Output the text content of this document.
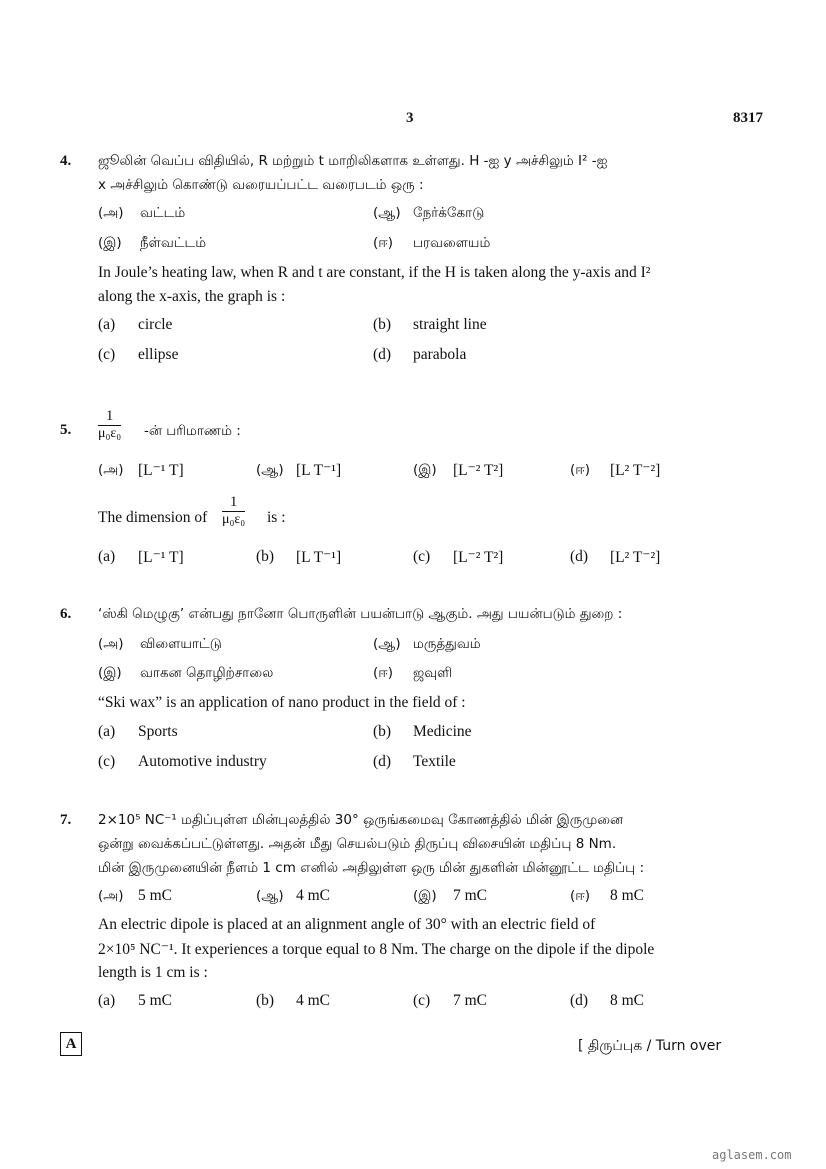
3	8317
4. ஜூலின் வெப்ப விதியில், R மற்றும் t மாறிலிகளாக உள்ளது. H -ஐ y அச்சிலும் I² -ஐ
x அச்சிலும் கொண்டு வரையப்பட்ட வரைபடம் ஒரு :
(அ) வட்டம்	(ஆ) நேர்க்கோடு
(இ) நீள்வட்டம்	(ஈ) பரவளையம்
In Joule’s heating law, when R and t are constant, if the H is taken along the y-axis and I²
along the x-axis, the graph is :
(a) circle	(b) straight line
(c) ellipse	(d) parabola
5. $\frac{1}{\text{μ₀ε₀}}$ -ன் பரிமாணம் :
(அ) [L⁻¹ T]	(ஆ) [L T⁻¹]	(இ) [L⁻² T²]	(ஈ) [L² T⁻²]
The dimension of $\frac{1}{\text{μ₀ε₀}}$ is :
(a) [L⁻¹ T]	(b) [L T⁻¹]	(c) [L⁻² T²]	(d) [L² T⁻²]
6. ‘ஸ்கி மெழுகு’ என்பது நானோ பொருளின் பயன்பாடு ஆகும். அது பயன்படும் துறை :
(அ) விளையாட்டு	(ஆ) மருத்துவம்
(இ) வாகன தொழிற்சாலை	(ஈ) ஜவுளி
“Ski wax” is an application of nano product in the field of :
(a) Sports	(b) Medicine
(c) Automotive industry	(d) Textile
7. 2×10⁵ NC⁻¹ மதிப்புள்ள மின்புலத்தில் 30° ஒருங்கமைவு கோணத்தில் மின் இருமுனை
ஒன்று வைக்கப்பட்டுள்ளது. அதன் மீது செயல்படும் திருப்பு விசையின் மதிப்பு 8 Nm.
மின் இருமுனையின் நீளம் 1 cm எனில் அதிலுள்ள ஒரு மின் துகளின் மின்னூட்ட மதிப்பு :
(அ) 5 mC	(ஆ) 4 mC	(இ) 7 mC	(ஈ) 8 mC
An electric dipole is placed at an alignment angle of 30° with an electric field of
2×10⁵ NC⁻¹. It experiences a torque equal to 8 Nm. The charge on the dipole if the dipole
length is 1 cm is :
(a) 5 mC	(b) 4 mC	(c) 7 mC	(d) 8 mC
A	[ திருப்புக / Turn over
aglasem.com
